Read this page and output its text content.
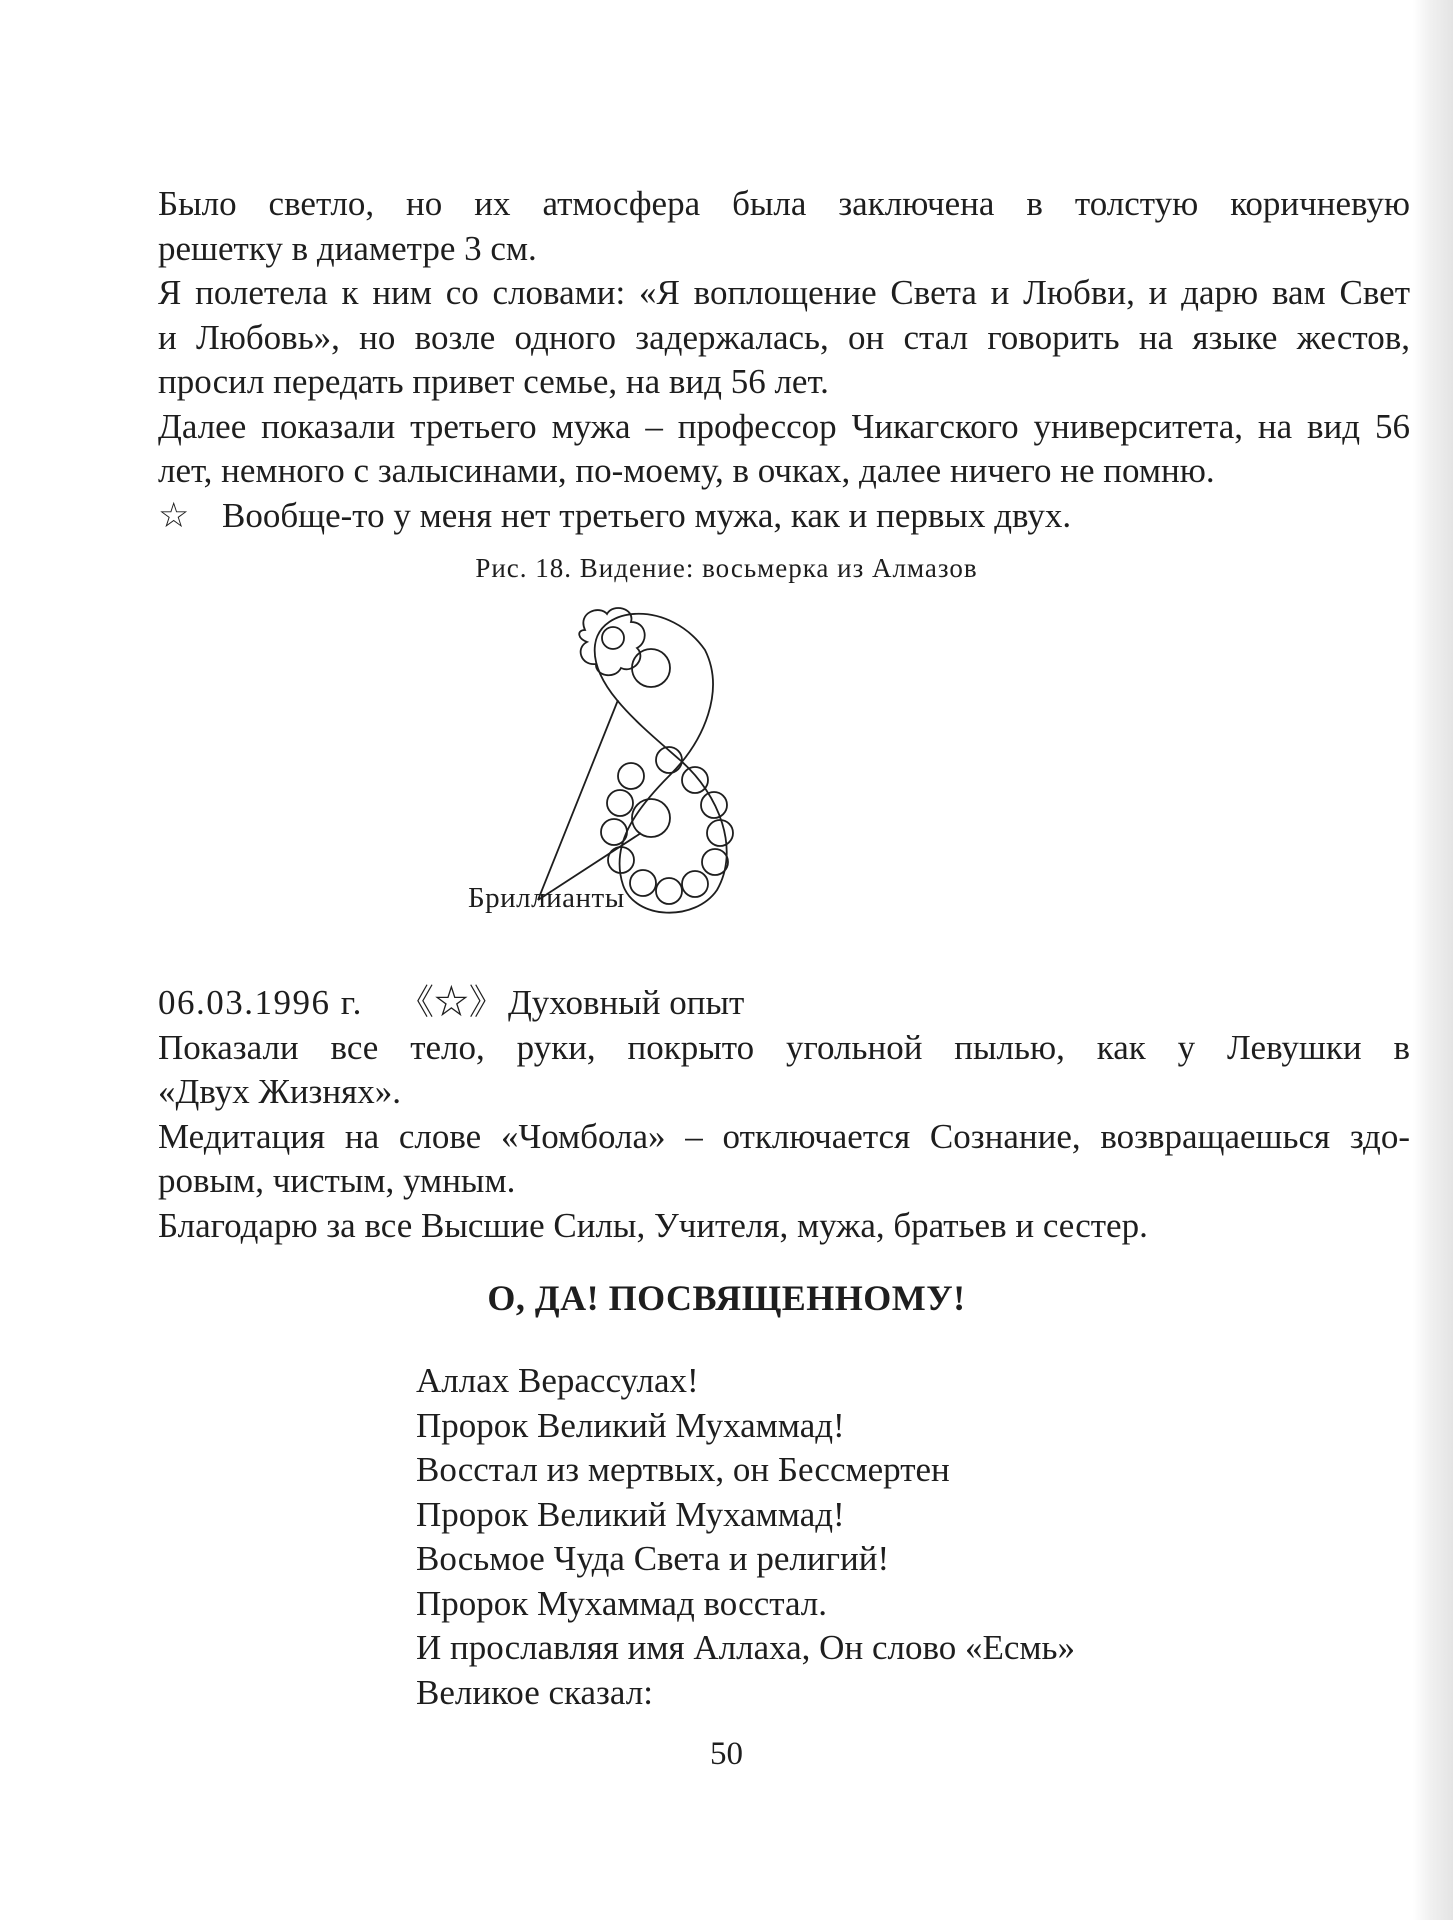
Было светло, но их атмосфера была заключена в толстую коричневую

решетку в диаметре 3 см.

Я полетела к ним со словами: «Я воплощение Света и Любви, и дарю вам Свет

и Любовь», но возле одного задержалась, он стал говорить на языке жестов,

просил передать привет семье, на вид 56 лет.

Далее показали третьего мужа – профессор Чикагского университета, на вид 56

лет, немного с залысинами, по-моему, в очках, далее ничего не помню.

☆ Вообще-то у меня нет третьего мужа, как и первых двух.

Рис. 18. Видение: восьмерка из Алмазов
Бриллианты

06.03.1996 г. 《☆》 Духовный опыт

Показали все тело, руки, покрыто угольной пылью, как у Левушки в

«Двух Жизнях».

Медитация на слове «Чомбола» – отключается Сознание, возвращаешься здо-

ровым, чистым, умным.

Благодарю за все Высшие Силы, Учителя, мужа, братьев и сестер.

О, ДА! ПОСВЯЩЕННОМУ!
Аллах Верассулах!
Пророк Великий Мухаммад!
Восстал из мертвых, он Бессмертен
Пророк Великий Мухаммад!
Восьмое Чуда Света и религий!
Пророк Мухаммад восстал.
И прославляя имя Аллаха, Он слово «Есмь»
Великое сказал:
50
